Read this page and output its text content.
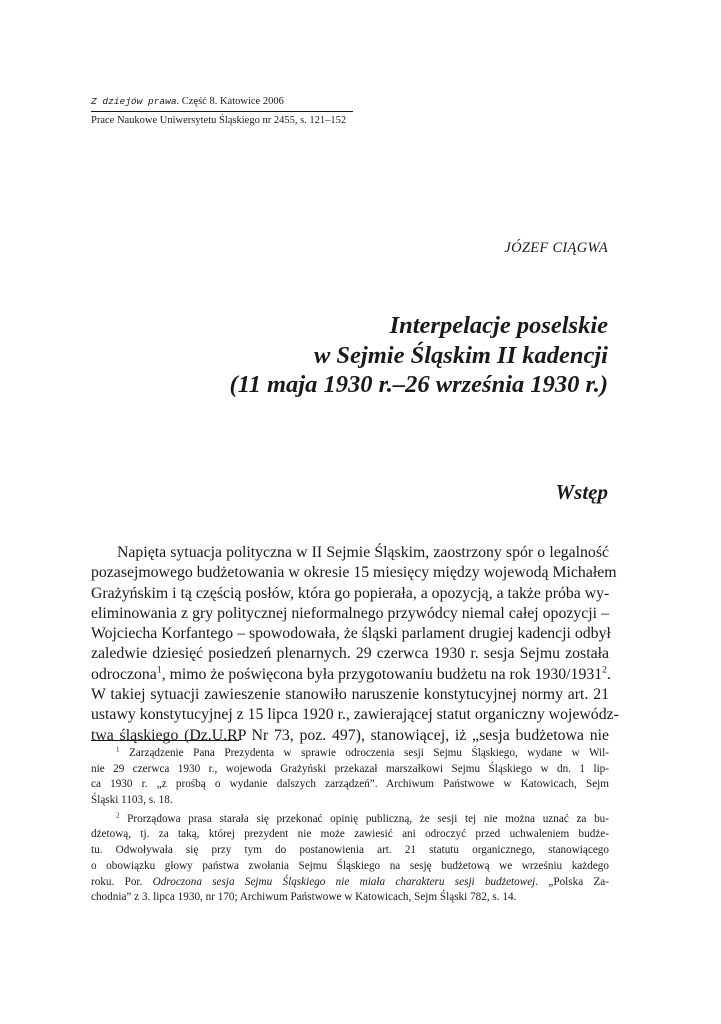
Z dziejów prawa. Część 8. Katowice 2006
Prace Naukowe Uniwersytetu Śląskiego nr 2455, s. 121–152
JÓZEF CIĄGWA
Interpelacje poselskie
w Sejmie Śląskim II kadencji
(11 maja 1930 r.–26 września 1930 r.)
Wstęp
Napięta sytuacja polityczna w II Sejmie Śląskim, zaostrzony spór o legalność
pozasejmowego budżetowania w okresie 15 miesięcy między wojewodą Michałem
Grażyńskim i tą częścią posłów, która go popierała, a opozycją, a także próba wy-
eliminowania z gry politycznej nieformalnego przywódcy niemal całej opozycji –
Wojciecha Korfantego – spowodowała, że śląski parlament drugiej kadencji odbył
zaledwie dziesięć posiedzeń plenarnych. 29 czerwca 1930 r. sesja Sejmu została
odroczona$^1$, mimo że poświęcona była przygotowaniu budżetu na rok 1930/1931$^2$.
W takiej sytuacji zawieszenie stanowiło naruszenie konstytucyjnej normy art. 21
ustawy konstytucyjnej z 15 lipca 1920 r., zawierającej statut organiczny wojewódz-
twa śląskiego (Dz.U.RP Nr 73, poz. 497), stanowiącej, iż „sesja budżetowa nie
$^1$ Zarządzenie Pana Prezydenta w sprawie odroczenia sesji Sejmu Śląskiego, wydane w Wil-
nie 29 czerwca 1930 r., wojewoda Grażyński przekazał marszałkowi Sejmu Śląskiego w dn. 1 lip-
ca 1930 r. „z prośbą o wydanie dalszych zarządzeń”. Archiwum Państwowe w Katowicach, Sejm
Śląski 1103, s. 18.
$^2$ Prorządowa prasa starała się przekonać opinię publiczną, że sesji tej nie można uznać za bu-
dżetową, tj. za taką, której prezydent nie może zawiesić ani odroczyć przed uchwaleniem budże-
tu. Odwoływała się przy tym do postanowienia art. 21 statutu organicznego, stanowiącego
o obowiązku głowy państwa zwołania Sejmu Śląskiego na sesję budżetową we wrześniu każdego
roku. Por. Odroczona sesja Sejmu Śląskiego nie miała charakteru sesji budżetowej. „Polska Za-
chodnia” z 3. lipca 1930, nr 170; Archiwum Państwowe w Katowicach, Sejm Śląski 782, s. 14.
